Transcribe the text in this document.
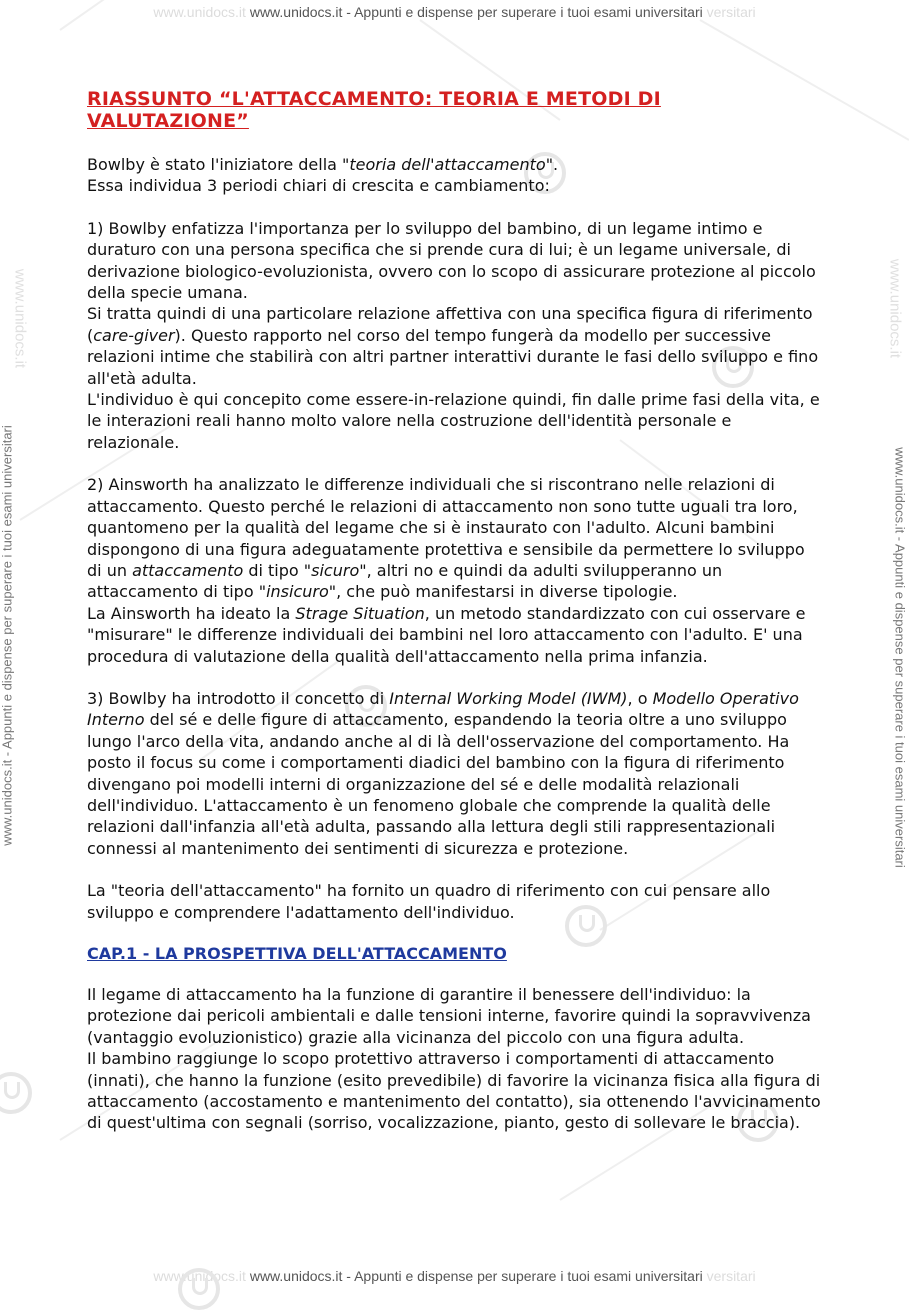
www.unidocs.it www.unidocs.it - Appunti e dispense per superare i tuoi esami universitari versitari
www.unidocs.it www.unidocs.it - Appunti e dispense per superare i tuoi esami universitari versitari
www.unidocs.it - Appunti e dispense per superare i tuoi esami universitari	www.unidocs.it - Appunti e dispense per superare i tuoi esami universitari
www.unidocs.it	www.unidocs.it
RIASSUNTO “L'ATTACCAMENTO: TEORIA E METODI DI VALUTAZIONE”

Bowlby è stato l'iniziatore della "teoria dell'attaccamento".
Essa individua 3 periodi chiari di crescita e cambiamento:

1) Bowlby enfatizza l'importanza per lo sviluppo del bambino, di un legame intimo e duraturo con una persona specifica che si prende cura di lui; è un legame universale, di derivazione biologico-evoluzionista, ovvero con lo scopo di assicurare protezione al piccolo della specie umana.
Si tratta quindi di una particolare relazione affettiva con una specifica figura di riferimento (care-giver). Questo rapporto nel corso del tempo fungerà da modello per successive relazioni intime che stabilirà con altri partner interattivi durante le fasi dello sviluppo e fino all'età adulta.
L'individuo è qui concepito come essere-in-relazione quindi, fin dalle prime fasi della vita, e le interazioni reali hanno molto valore nella costruzione dell'identità personale e relazionale.

2) Ainsworth ha analizzato le differenze individuali che si riscontrano nelle relazioni di attaccamento. Questo perché le relazioni di attaccamento non sono tutte uguali tra loro, quantomeno per la qualità del legame che si è instaurato con l'adulto. Alcuni bambini dispongono di una figura adeguatamente protettiva e sensibile da permettere lo sviluppo di un attaccamento di tipo "sicuro", altri no e quindi da adulti svilupperanno un attaccamento di tipo "insicuro", che può manifestarsi in diverse tipologie.
La Ainsworth ha ideato la Strage Situation, un metodo standardizzato con cui osservare e "misurare" le differenze individuali dei bambini nel loro attaccamento con l'adulto. E' una procedura di valutazione della qualità dell'attaccamento nella prima infanzia.

3) Bowlby ha introdotto il concetto di Internal Working Model (IWM), o Modello Operativo Interno del sé e delle figure di attaccamento, espandendo la teoria oltre a uno sviluppo lungo l'arco della vita, andando anche al di là dell'osservazione del comportamento. Ha posto il focus su come i comportamenti diadici del bambino con la figura di riferimento divengano poi modelli interni di organizzazione del sé e delle modalità relazionali dell'individuo. L'attaccamento è un fenomeno globale che comprende la qualità delle relazioni dall'infanzia all'età adulta, passando alla lettura degli stili rappresentazionali connessi al mantenimento dei sentimenti di sicurezza e protezione.

La "teoria dell'attaccamento" ha fornito un quadro di riferimento con cui pensare allo sviluppo e comprendere l'adattamento dell'individuo.

CAP.1 - LA PROSPETTIVA DELL'ATTACCAMENTO

Il legame di attaccamento ha la funzione di garantire il benessere dell'individuo: la protezione dai pericoli ambientali e dalle tensioni interne, favorire quindi la sopravvivenza (vantaggio evoluzionistico) grazie alla vicinanza del piccolo con una figura adulta.
Il bambino raggiunge lo scopo protettivo attraverso i comportamenti di attaccamento (innati), che hanno la funzione (esito prevedibile) di favorire la vicinanza fisica alla figura di attaccamento (accostamento e mantenimento del contatto), sia ottenendo l'avvicinamento di quest'ultima con segnali (sorriso, vocalizzazione, pianto, gesto di sollevare le braccia).
